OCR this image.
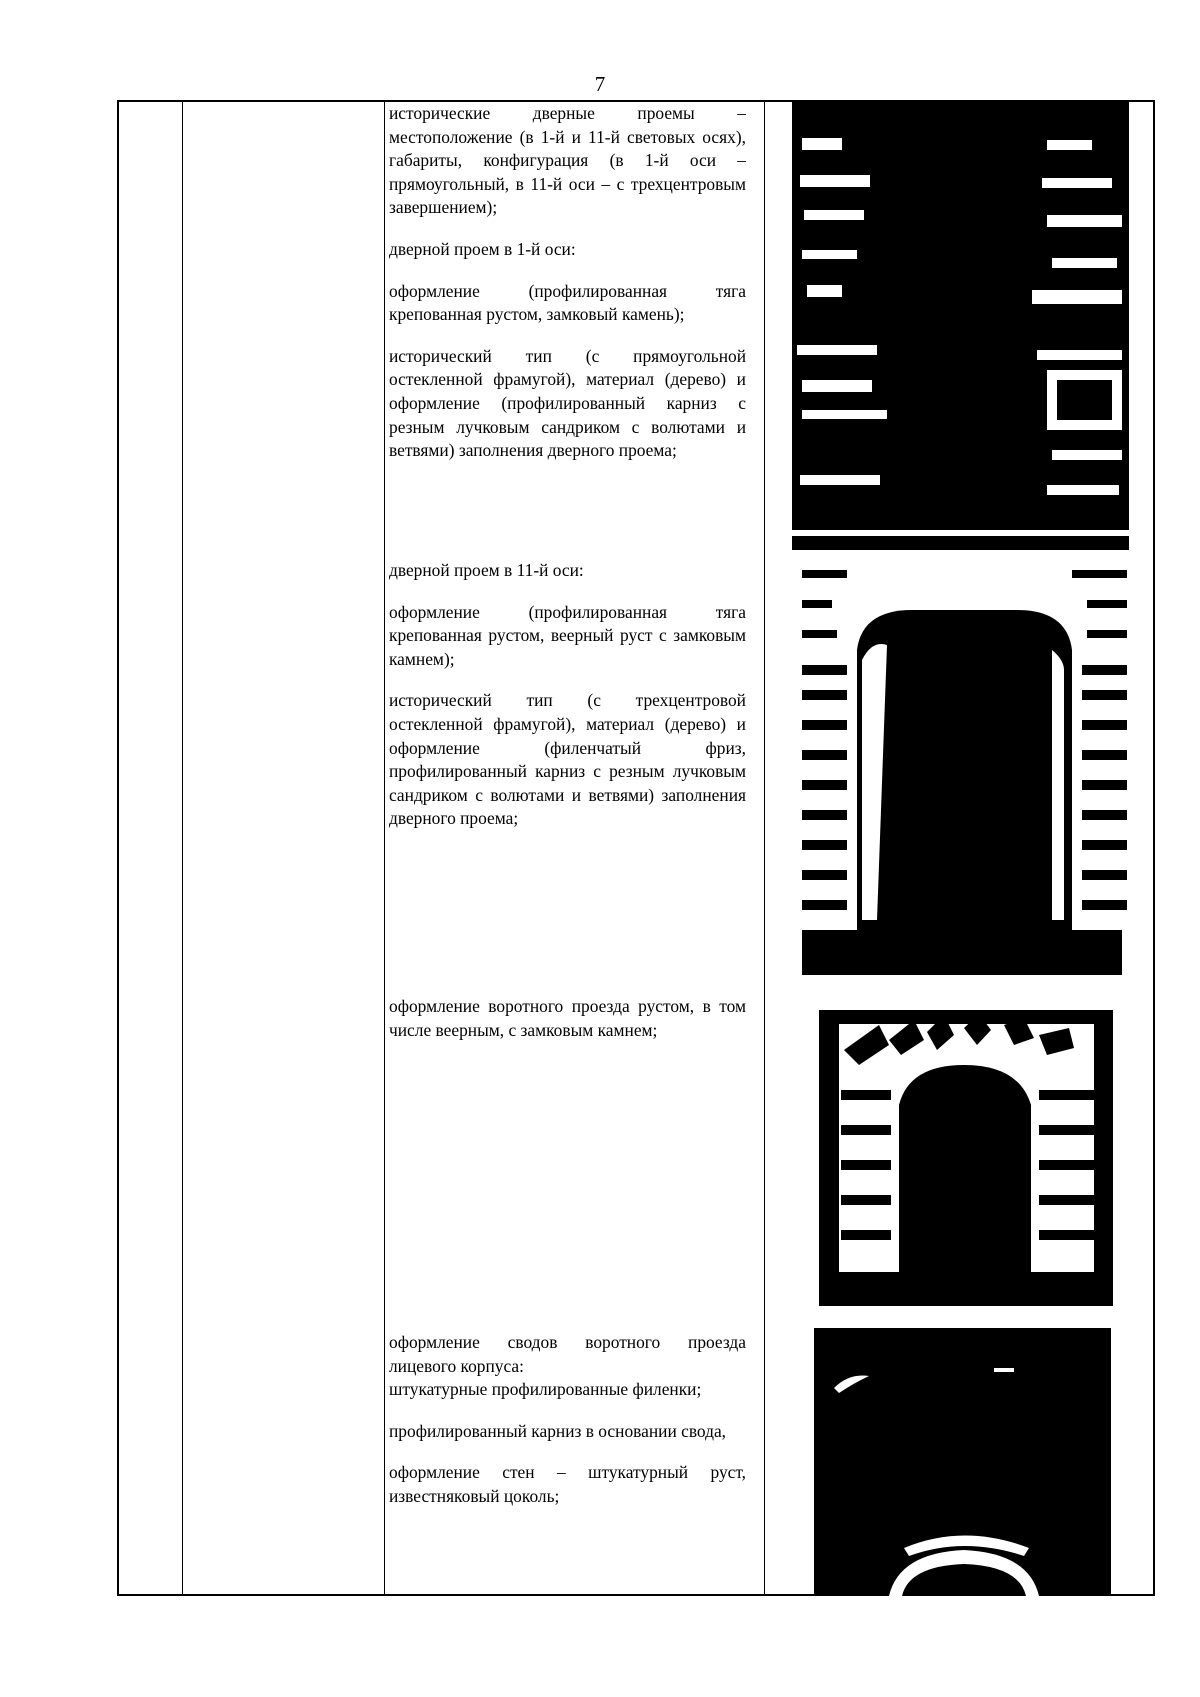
7

исторические дверные проемы – местоположение (в 1-й и 11-й световых осях), габариты, конфигурация (в 1-й оси – прямоугольный, в 11-й оси – с трехцентровым завершением);

дверной проем в 1-й оси:

оформление (профилированная тяга крепованная рустом, замковый камень);

исторический тип (с прямоугольной остекленной фрамугой), материал (дерево) и оформление (профилированный карниз с резным лучковым сандриком с волютами и ветвями) заполнения дверного проема;

дверной проем в 11-й оси:

оформление (профилированная тяга крепованная рустом, веерный руст с замковым камнем);

исторический тип (с трехцентровой остекленной фрамугой), материал (дерево) и оформление (филенчатый фриз, профилированный карниз с резным лучковым сандриком с волютами и ветвями) заполнения дверного проема;

оформление воротного проезда рустом, в том числе веерным, с замковым камнем;

оформление сводов воротного проезда лицевого корпуса:

штукатурные профилированные филенки;

профилированный карниз в основании свода,

оформление стен – штукатурный руст, известняковый цоколь;
